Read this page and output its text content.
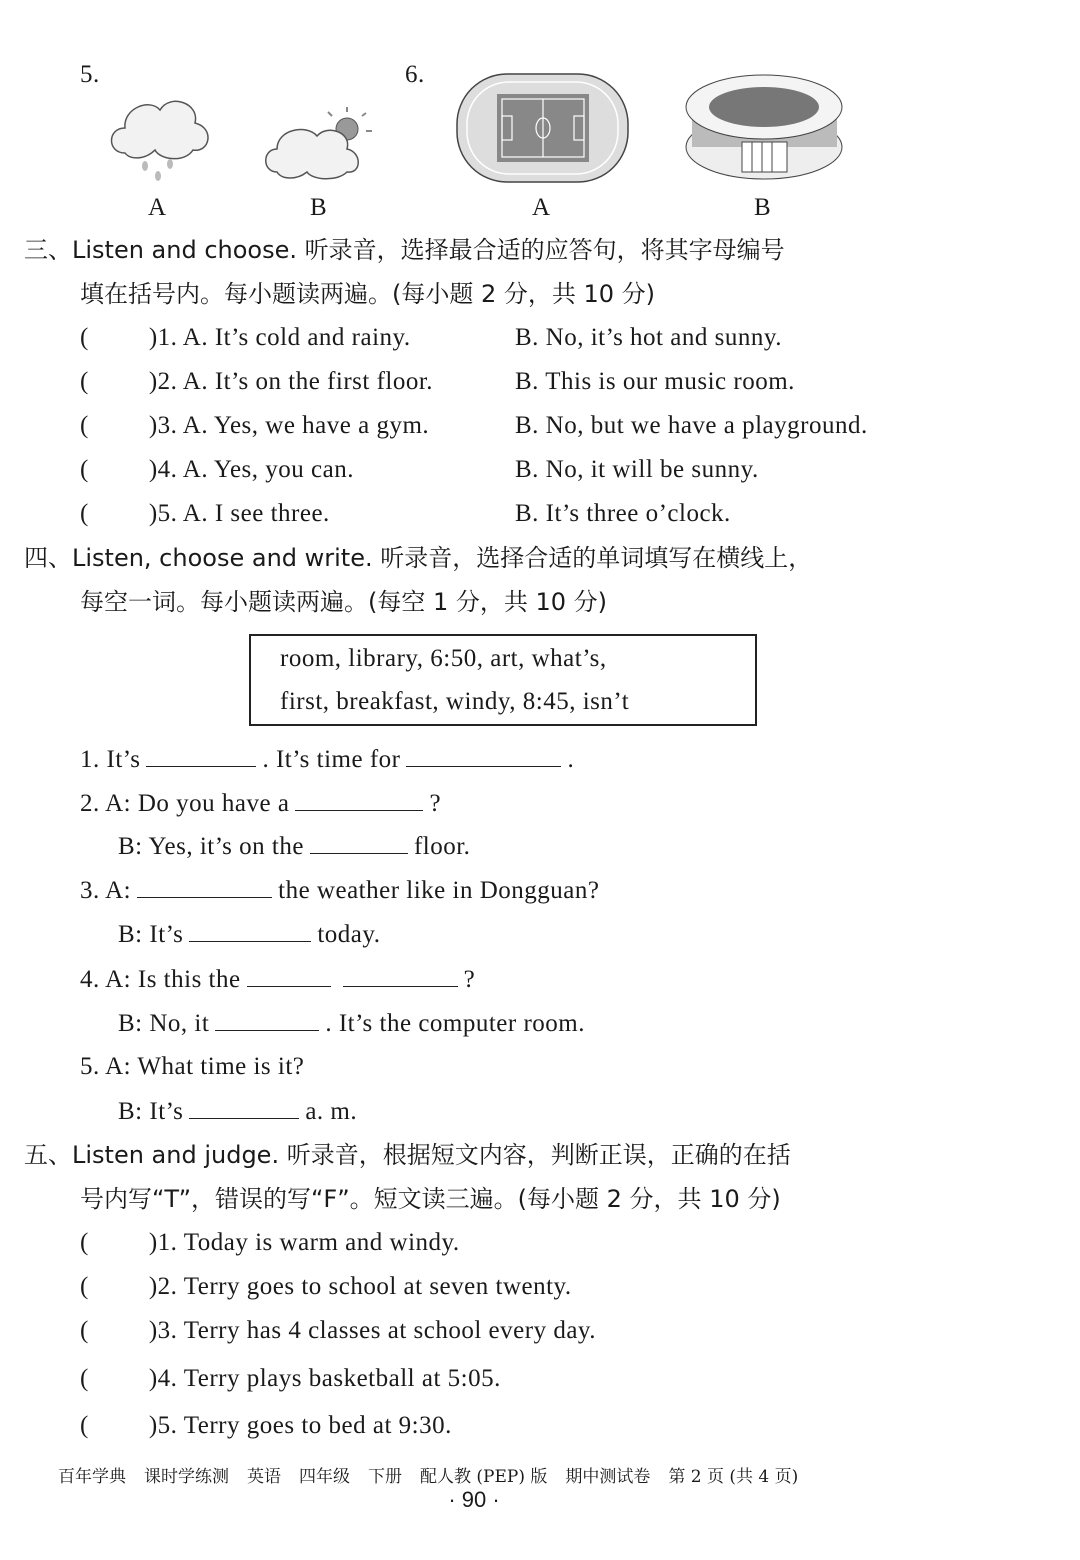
5.
A	B
6.
A	B
三、Listen and choose. 听录音，选择最合适的应答句，将其字母编号
填在括号内。每小题读两遍。(每小题 2 分，共 10 分)
( )1. A. It’s cold and rainy.	B. No, it’s hot and sunny.
( )2. A. It’s on the first floor.	B. This is our music room.
( )3. A. Yes, we have a gym.	B. No, but we have a playground.
( )4. A. Yes, you can.	B. No, it will be sunny.
( )5. A. I see three.	B. It’s three o’clock.
四、Listen, choose and write. 听录音，选择合适的单词填写在横线上，
每空一词。每小题读两遍。(每空 1 分，共 10 分)
room, library, 6:50, art, what’s,
first, breakfast, windy, 8:45, isn’t
1. It’s	. It’s time for	.
2. A: Do you have a	?
B: Yes, it’s on the	floor.
3. A:	the weather like in Dongguan?
B: It’s	today.
4. A: Is this the	?
B: No, it	. It’s the computer room.
5. A: What time is it?
B: It’s	a. m.
五、Listen and judge. 听录音，根据短文内容，判断正误，正确的在括
号内写“T”，错误的写“F”。短文读三遍。(每小题 2 分，共 10 分)
( )1. Today is warm and windy.
( )2. Terry goes to school at seven twenty.
( )3. Terry has 4 classes at school every day.
( )4. Terry plays basketball at 5:05.
( )5. Terry goes to bed at 9:30.
百年学典 课时学练测 英语 四年级 下册 配人教 (PEP) 版 期中测试卷 第 2 页 (共 4 页)
· 90 ·
